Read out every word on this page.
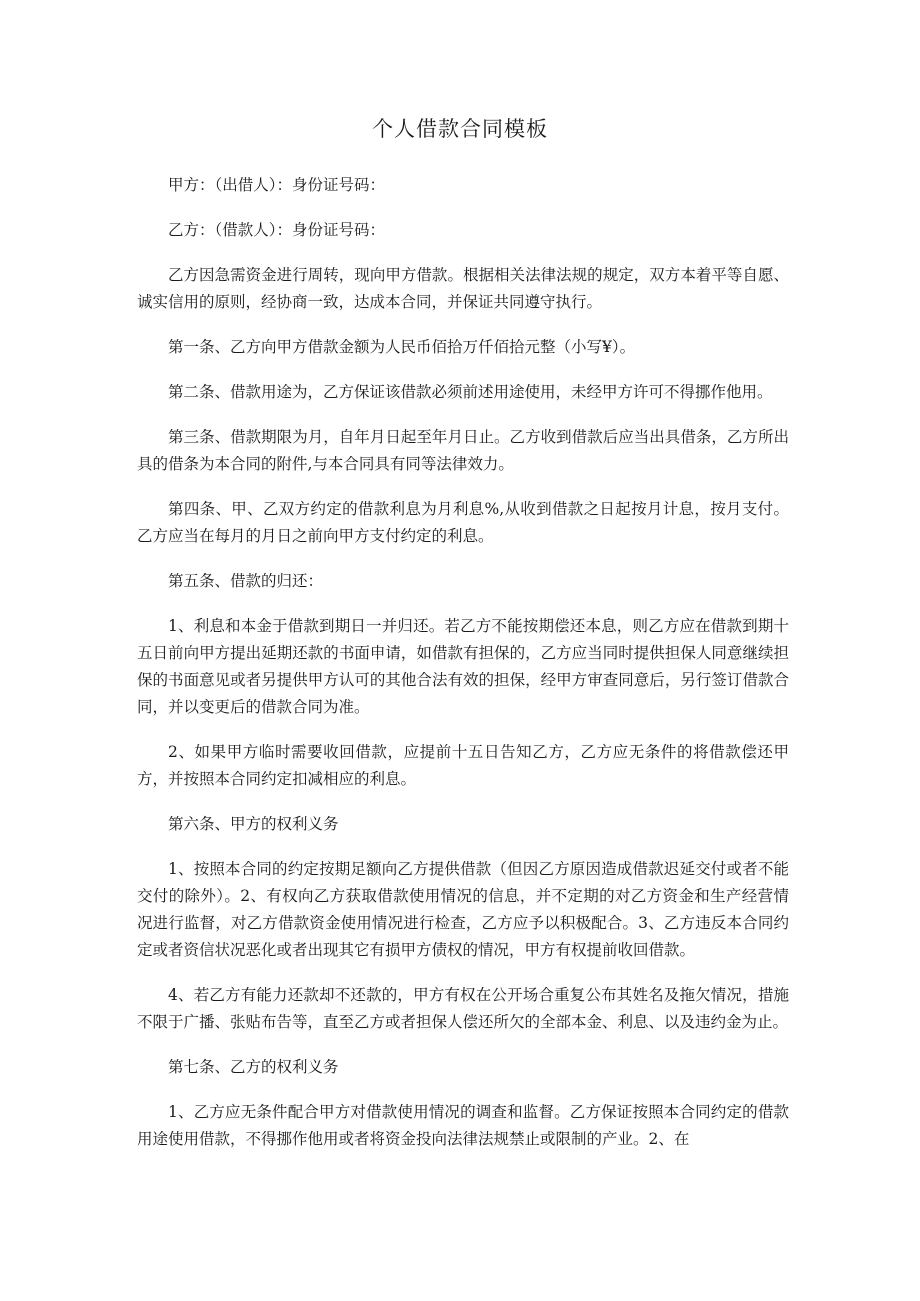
个人借款合同模板

甲方：（出借人）：身份证号码：

乙方：（借款人）：身份证号码：

乙方因急需资金进行周转，现向甲方借款。根据相关法律法规的规定，双方本着平等自愿、诚实信用的原则，经协商一致，达成本合同，并保证共同遵守执行。

第一条、乙方向甲方借款金额为人民币佰拾万仟佰拾元整（小写¥）。

第二条、借款用途为，乙方保证该借款必须前述用途使用，未经甲方许可不得挪作他用。

第三条、借款期限为月，自年月日起至年月日止。乙方收到借款后应当出具借条，乙方所出具的借条为本合同的附件,与本合同具有同等法律效力。

第四条、甲、乙双方约定的借款利息为月利息%,从收到借款之日起按月计息，按月支付。乙方应当在每月的月日之前向甲方支付约定的利息。

第五条、借款的归还：

1、利息和本金于借款到期日一并归还。若乙方不能按期偿还本息，则乙方应在借款到期十五日前向甲方提出延期还款的书面申请，如借款有担保的，乙方应当同时提供担保人同意继续担保的书面意见或者另提供甲方认可的其他合法有效的担保，经甲方审查同意后，另行签订借款合同，并以变更后的借款合同为准。

2、如果甲方临时需要收回借款，应提前十五日告知乙方，乙方应无条件的将借款偿还甲方，并按照本合同约定扣减相应的利息。

第六条、甲方的权利义务

1、按照本合同的约定按期足额向乙方提供借款（但因乙方原因造成借款迟延交付或者不能交付的除外）。2、有权向乙方获取借款使用情况的信息，并不定期的对乙方资金和生产经营情况进行监督，对乙方借款资金使用情况进行检查，乙方应予以积极配合。3、乙方违反本合同约定或者资信状况恶化或者出现其它有损甲方债权的情况，甲方有权提前收回借款。

4、若乙方有能力还款却不还款的，甲方有权在公开场合重复公布其姓名及拖欠情况，措施不限于广播、张贴布告等，直至乙方或者担保人偿还所欠的全部本金、利息、以及违约金为止。

第七条、乙方的权利义务

1、乙方应无条件配合甲方对借款使用情况的调查和监督。乙方保证按照本合同约定的借款用途使用借款，不得挪作他用或者将资金投向法律法规禁止或限制的产业。2、在
